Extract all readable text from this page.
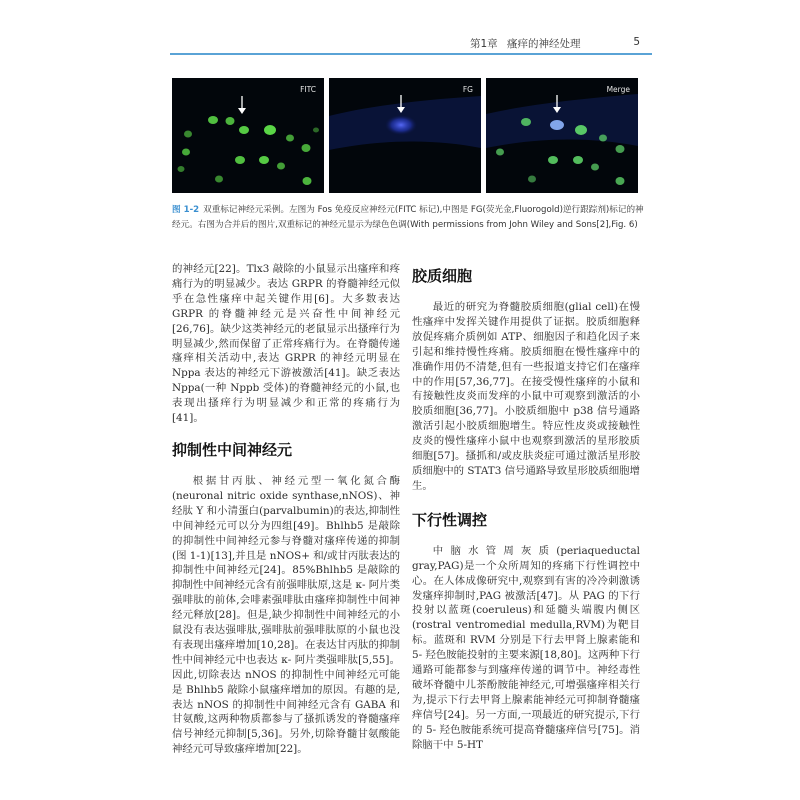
第1章 瘙痒的神经处理	5
FITC	FG	Merge
图 1-2 双重标记神经元采例。左图为 Fos 免疫反应神经元(FITC 标记),中图是 FG(荧光金,Fluorogold)逆行跟踪剂)标记的神经元。右图为合并后的图片,双重标记的神经元显示为绿色色调(With permissions from John Wiley and Sons[2],Fig. 6)

的神经元[22]。Tlx3 敲除的小鼠显示出瘙痒和疼痛行为的明显减少。表达 GRPR 的脊髓神经元似乎在急性瘙痒中起关键作用[6]。大多数表达 GRPR 的脊髓神经元是兴奋性中间神经元[26,76]。缺少这类神经元的老鼠显示出搔痒行为明显减少,然而保留了正常疼痛行为。在脊髓传递瘙痒相关活动中,表达 GRPR 的神经元明显在 Nppa 表达的神经元下游被激活[41]。缺乏表达 Nppa(一种 Nppb 受体)的脊髓神经元的小鼠,也表现出搔痒行为明显减少和正常的疼痛行为[41]。

抑制性中间神经元

根据甘丙肽、神经元型一氧化氮合酶(neuronal nitric oxide synthase,nNOS)、神经肽 Y 和小清蛋白(parvalbumin)的表达,抑制性中间神经元可以分为四组[49]。Bhlhb5 是敲除的抑制性中间神经元参与脊髓对瘙痒传递的抑制(图 1-1)[13],并且是 nNOS+ 和/或甘丙肽表达的抑制性中间神经元[24]。85%Bhlhb5 是敲除的抑制性中间神经元含有前强啡肽原,这是 κ- 阿片类强啡肽的前体,会啡素强啡肽由瘙痒抑制性中间神经元释放[28]。但是,缺少抑制性中间神经元的小鼠没有表达强啡肽,强啡肽前强啡肽原的小鼠也没有表现出瘙痒增加[10,28]。在表达甘丙肽的抑制性中间神经元中也表达 κ- 阿片类强啡肽[5,55]。因此,切除表达 nNOS 的抑制性中间神经元可能是 Bhlhb5 敲除小鼠瘙痒增加的原因。有趣的是,表达 nNOS 的抑制性中间神经元含有 GABA 和甘氨酸,这两种物质都参与了搔抓诱发的脊髓瘙痒信号神经元抑制[5,36]。另外,切除脊髓甘氨酸能神经元可导致瘙痒增加[22]。

胶质细胞

最近的研究为脊髓胶质细胞(glial cell)在慢性瘙痒中发挥关键作用提供了证据。胶质细胞释放促疼痛介质例如 ATP、细胞因子和趋化因子来引起和维持慢性疼痛。胶质细胞在慢性瘙痒中的准确作用仍不清楚,但有一些报道支持它们在瘙痒中的作用[57,36,77]。在接受慢性瘙痒的小鼠和有接触性皮炎而发痒的小鼠中可观察到激活的小胶质细胞[36,77]。小胶质细胞中 p38 信号通路激活引起小胶质细胞增生。特应性皮炎或接触性皮炎的慢性瘙痒小鼠中也观察到激活的星形胶质细胞[57]。搔抓和/或皮肤炎症可通过激活星形胶质细胞中的 STAT3 信号通路导致星形胶质细胞增生。

下行性调控

中脑水管周灰质(periaqueductal gray,PAG)是一个众所周知的疼痛下行性调控中心。在人体成像研究中,观察到有害的冷冷刺激诱发瘙痒抑制时,PAG 被激活[47]。从 PAG 的下行投射以蓝斑(coeruleus)和延髓头端腹内侧区(rostral ventromedial medulla,RVM)为靶目标。蓝斑和 RVM 分别是下行去甲肾上腺素能和 5- 羟色胺能投射的主要来源[18,80]。这两种下行通路可能都参与到瘙痒传递的调节中。神经毒性破坏脊髓中儿茶酚胺能神经元,可增强瘙痒相关行为,提示下行去甲肾上腺素能神经元可抑制脊髓瘙痒信号[24]。另一方面,一项最近的研究提示,下行的 5- 羟色胺能系统可提高脊髓瘙痒信号[75]。消除脑干中 5-HT
